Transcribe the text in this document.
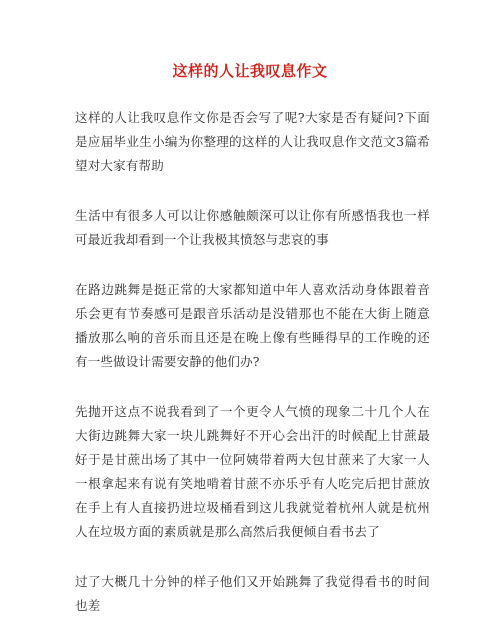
这样的人让我叹息作文

这样的人让我叹息作文你是否会写了呢?大家是否有疑问?下面是应届毕业生小编为你整理的这样的人让我叹息作文范文3篇希望对大家有帮助

生活中有很多人可以让你感触颇深可以让你有所感悟我也一样可最近我却看到一个让我极其愤怒与悲哀的事

在路边跳舞是挺正常的大家都知道中年人喜欢活动身体跟着音乐会更有节奏感可是跟音乐活动是没错那也不能在大街上随意播放那么响的音乐而且还是在晚上像有些睡得早的工作晚的还有一些做设计需要安静的他们办?

先抛开这点不说我看到了一个更令人气愤的现象二十几个人在大街边跳舞大家一块儿跳舞好不开心会出汗的时候配上甘蔗最好于是甘蔗出场了其中一位阿姨带着两大包甘蔗来了大家一人一根拿起来有说有笑地啃着甘蔗不亦乐乎有人吃完后把甘蔗放在手上有人直接扔进垃圾桶看到这儿我就觉着杭州人就是杭州人在垃圾方面的素质就是那么高然后我便倾自看书去了

过了大概几十分钟的样子他们又开始跳舞了我觉得看书的时间也差
